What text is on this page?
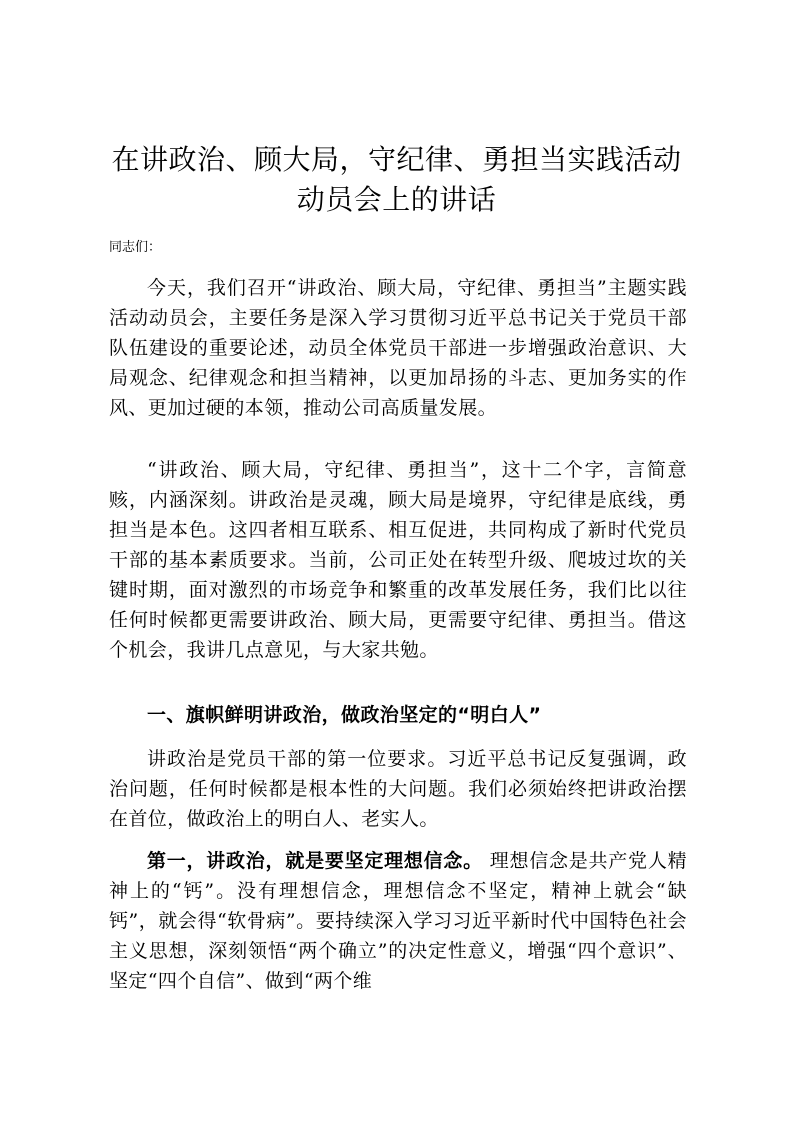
在讲政治、顾大局，守纪律、勇担当实践活动
动员会上的讲话

同志们：

今天，我们召开“讲政治、顾大局，守纪律、勇担当”主题实践活动动员会，主要任务是深入学习贯彻习近平总书记关于党员干部队伍建设的重要论述，动员全体党员干部进一步增强政治意识、大局观念、纪律观念和担当精神，以更加昂扬的斗志、更加务实的作风、更加过硬的本领，推动公司高质量发展。

“讲政治、顾大局，守纪律、勇担当”，这十二个字，言简意赅，内涵深刻。讲政治是灵魂，顾大局是境界，守纪律是底线，勇担当是本色。这四者相互联系、相互促进，共同构成了新时代党员干部的基本素质要求。当前，公司正处在转型升级、爬坡过坎的关键时期，面对激烈的市场竞争和繁重的改革发展任务，我们比以往任何时候都更需要讲政治、顾大局，更需要守纪律、勇担当。借这个机会，我讲几点意见，与大家共勉。

一、旗帜鲜明讲政治，做政治坚定的“明白人”

讲政治是党员干部的第一位要求。习近平总书记反复强调，政治问题，任何时候都是根本性的大问题。我们必须始终把讲政治摆在首位，做政治上的明白人、老实人。

第一，讲政治，就是要坚定理想信念。 理想信念是共产党人精神上的“钙”。没有理想信念，理想信念不坚定，精神上就会“缺钙”，就会得“软骨病”。要持续深入学习习近平新时代中国特色社会主义思想，深刻领悟“两个确立”的决定性意义，增强“四个意识”、坚定“四个自信”、做到“两个维
